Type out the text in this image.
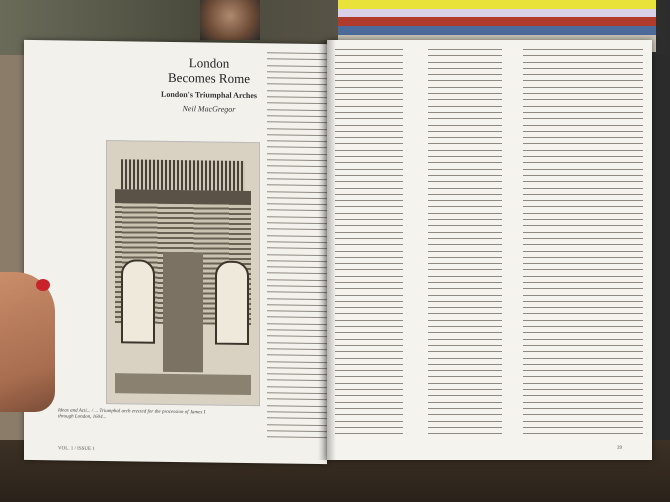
London
Becomes Rome
London's Triumphal Arches
Neil MacGregor
Ideas and Acti... / ... Triumphal arch erected for the procession of James I through London, 1604...
VOL. 1 / ISSUE 1	39
